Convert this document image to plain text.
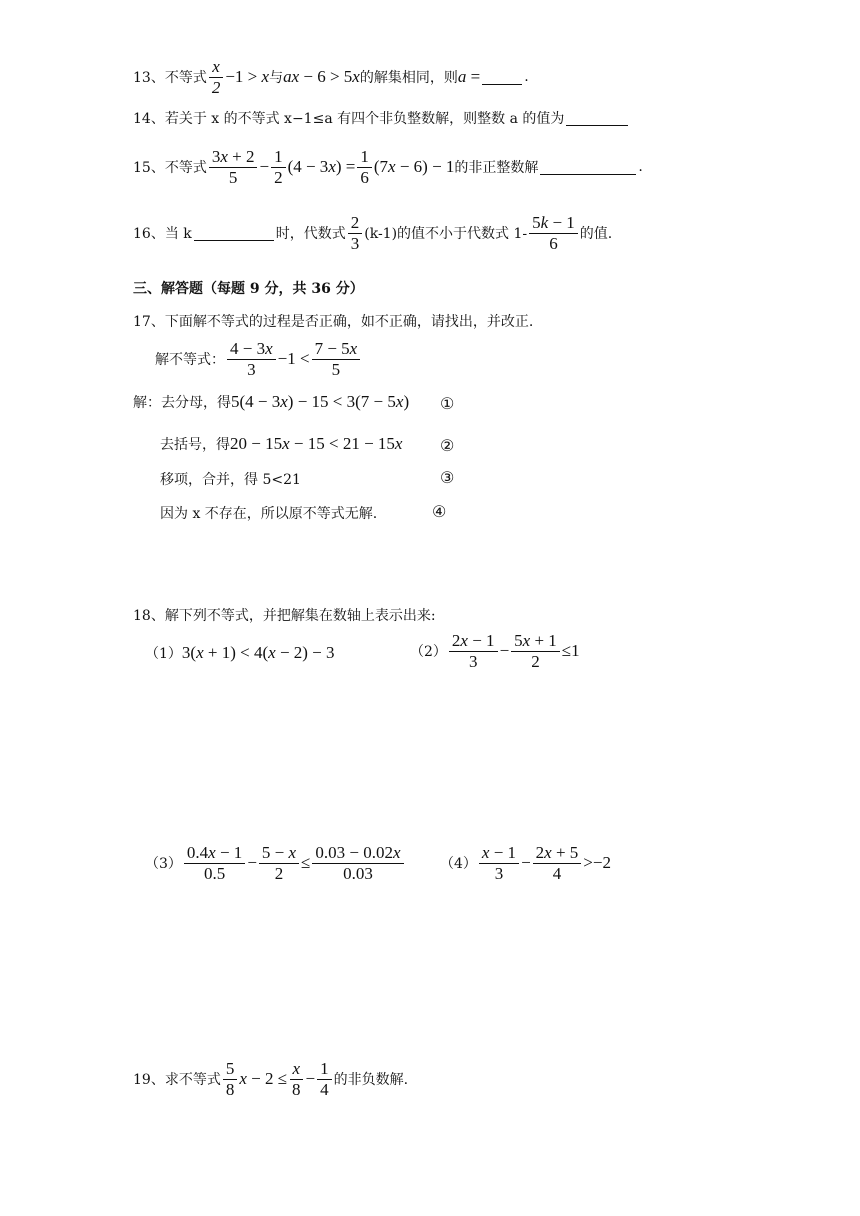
13、不等式 $\frac{x}{2} -1 > x$ 与 ax − 6 > 5x 的解集相同，则 a =	.
14、若关于 x 的不等式 x−1≤a 有四个非负整数解，则整数 a 的值为
15、不等式 $\frac{3x + 2}{5} - \frac{1}{2} (4 - 3x) = \frac{1}{6} (7x - 6) - 1$ 的非正整数解	.
16、当 k	时，代数式 $\frac{2}{3} (k-1)$的值不小于代数式 $1- \frac{5k - 1}{6}$ 的值.
三、解答题（每题 9 分，共 36 分）
17、下面解不等式的过程是否正确，如不正确，请找出，并改正.
解不等式： $\frac{4 - 3x}{3} -1 < \frac{7 - 5x}{5}$
解：去分母，得 5(4 − 3x) − 15 < 3(7 − 5x) ①
去括号，得 20 − 15x − 15 < 21 − 15x ②
移项，合并，得 5<21	③
因为 x 不存在，所以原不等式无解.	④
18、解下列不等式，并把解集在数轴上表示出来:
（1） 3(x + 1) < 4(x − 2) − 3	$(2) \frac{2x - 1}{3} - \frac{5x + 1}{2} \le 1$
$(3) \frac{0.4x - 1}{0.5} - \frac{5 - x}{2} \le \frac{0.03 - 0.02x}{0.03}$	$(4) \frac{x - 1}{3} - \frac{2x + 5}{4} >-2$
19、求不等式 $\frac{5}{8}$ $x - 2 \le \frac{x}{8} - \frac{1}{4}$ 的非负数解.
